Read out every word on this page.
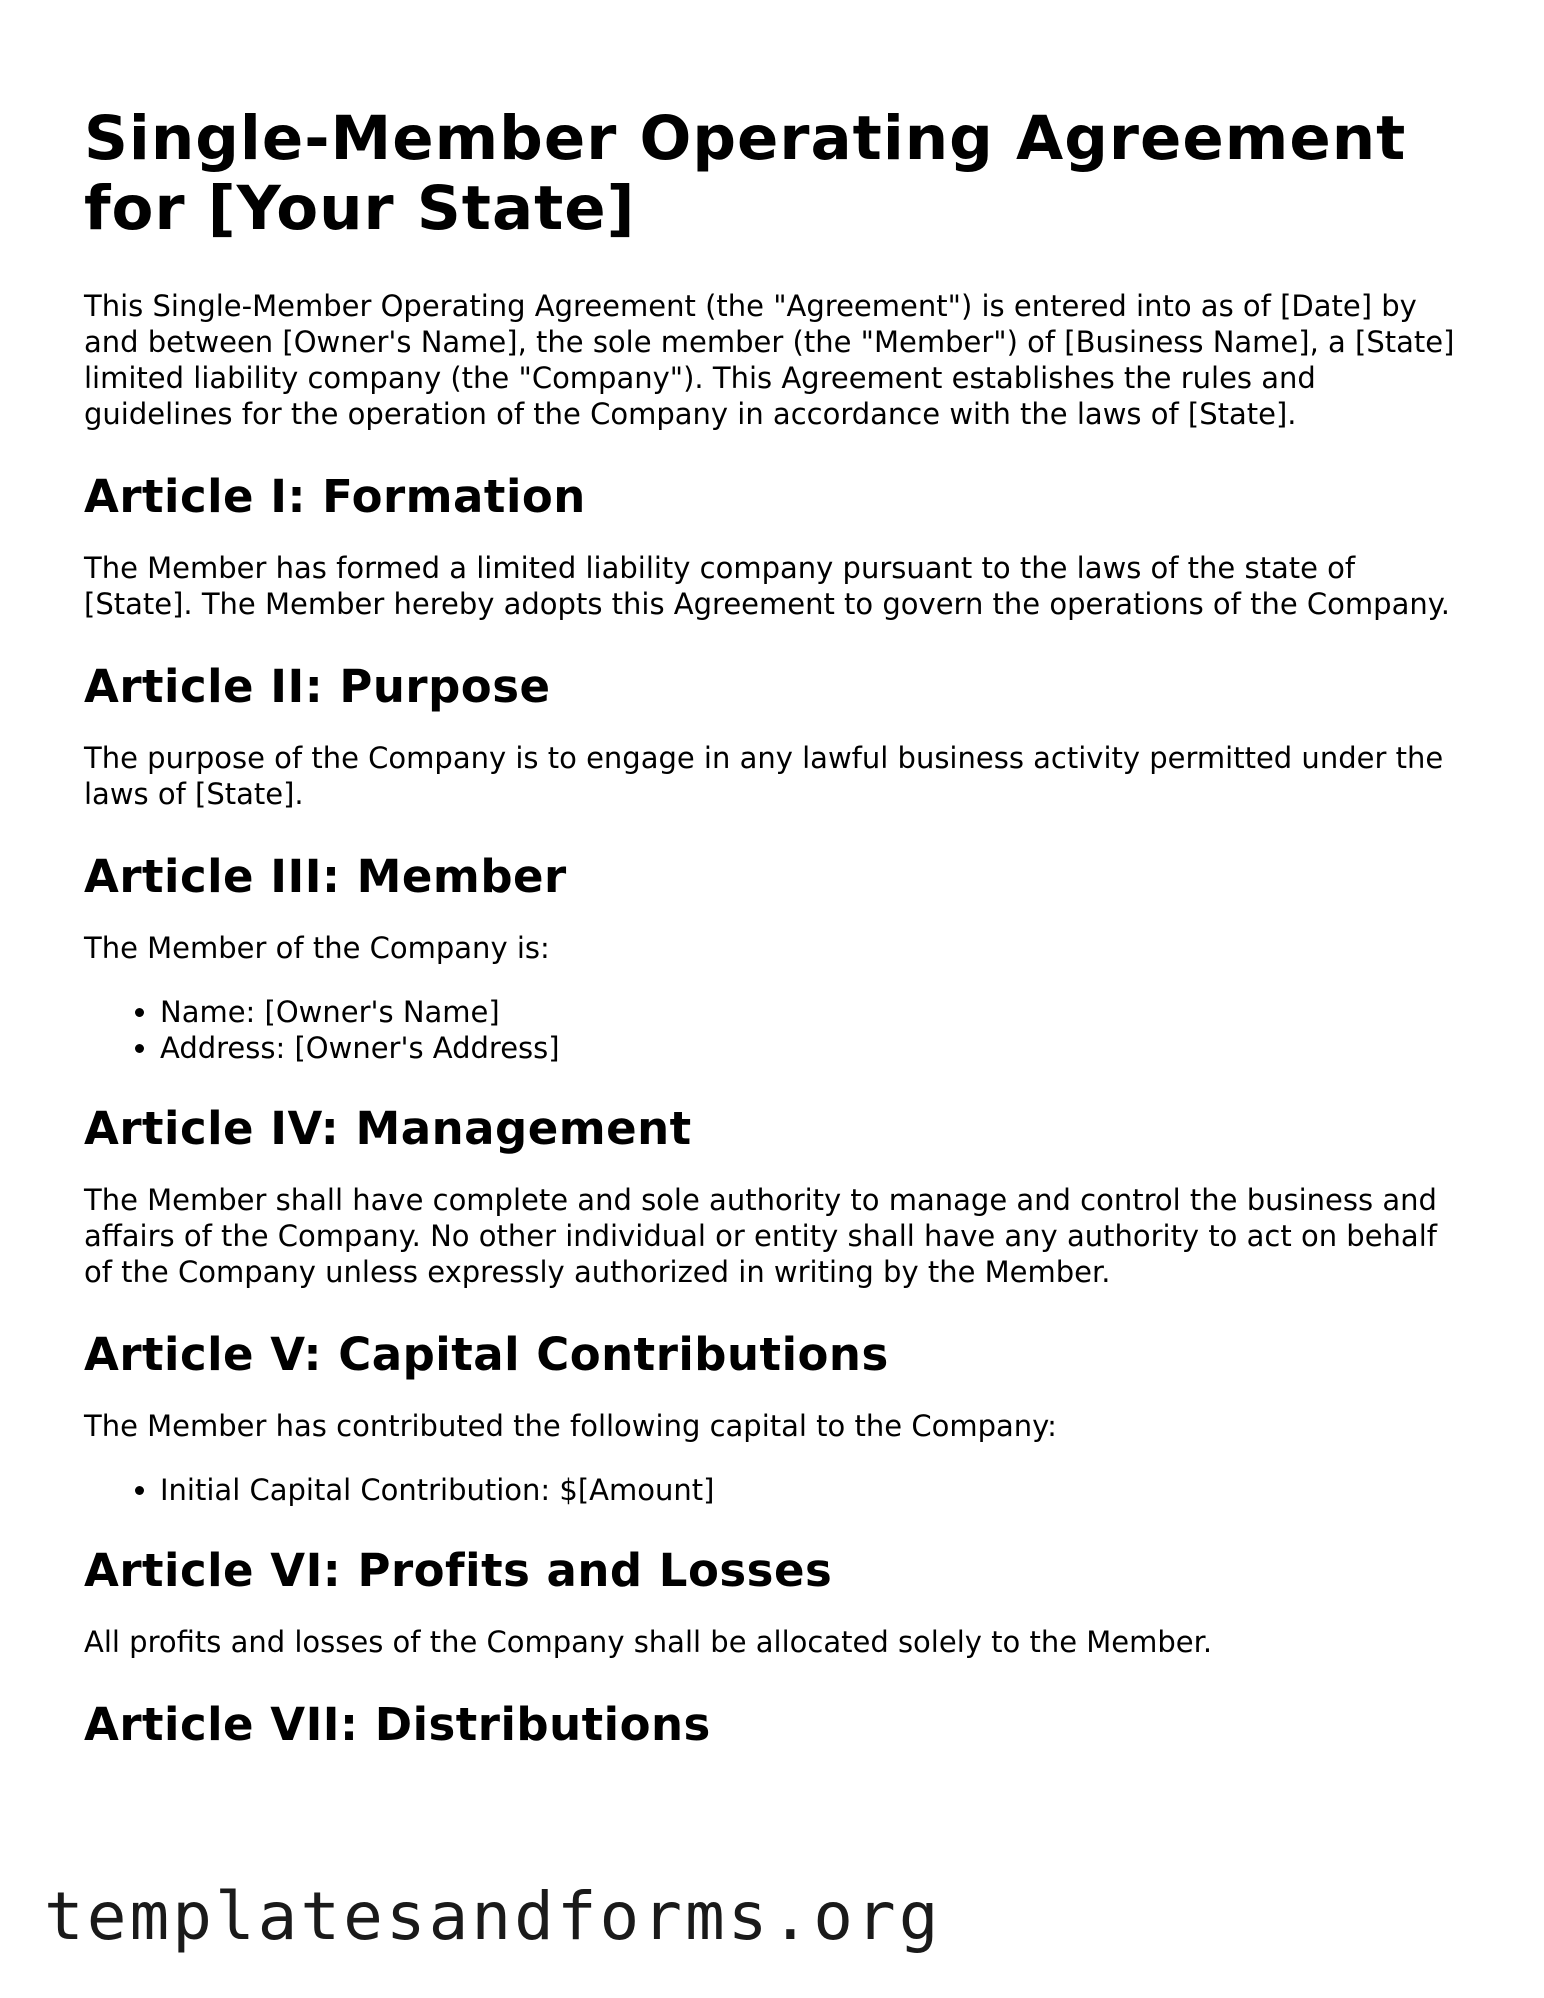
Single-Member Operating Agreement for [Your State]

This Single-Member Operating Agreement (the "Agreement") is entered into as of [Date] by and between [Owner's Name], the sole member (the "Member") of [Business Name], a [State] limited liability company (the "Company"). This Agreement establishes the rules and guidelines for the operation of the Company in accordance with the laws of [State].

Article I: Formation

The Member has formed a limited liability company pursuant to the laws of the state of [State]. The Member hereby adopts this Agreement to govern the operations of the Company.

Article II: Purpose

The purpose of the Company is to engage in any lawful business activity permitted under the laws of [State].

Article III: Member

The Member of the Company is:

• Name: [Owner's Name]
• Address: [Owner's Address]
Article IV: Management

The Member shall have complete and sole authority to manage and control the business and affairs of the Company. No other individual or entity shall have any authority to act on behalf of the Company unless expressly authorized in writing by the Member.

Article V: Capital Contributions

The Member has contributed the following capital to the Company:

• Initial Capital Contribution: $[Amount]
Article VI: Profits and Losses

All profits and losses of the Company shall be allocated solely to the Member.

Article VII: Distributions
templatesandforms.org
